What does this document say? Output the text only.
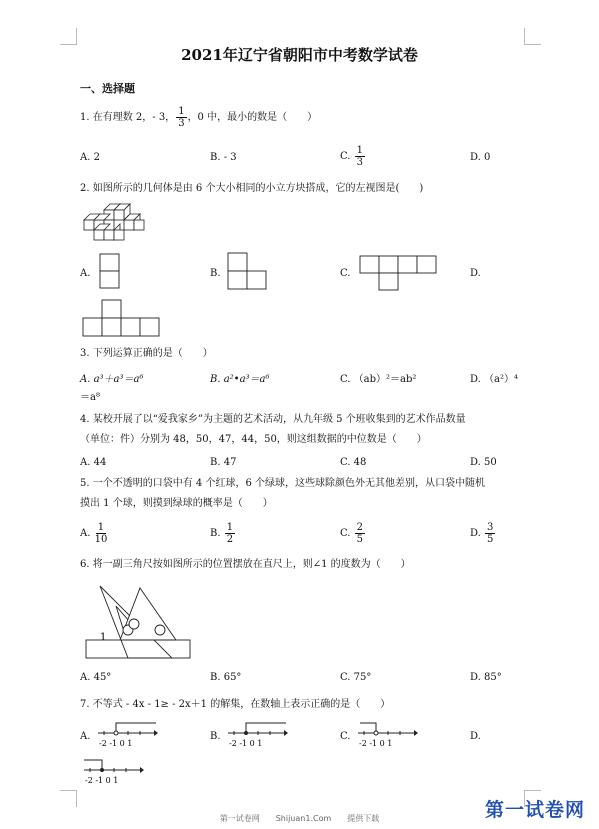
2021年辽宁省朝阳市中考数学试卷
一、选择题
1. 在有理数 2，- 3， $\frac{1}{3}$ ，0 中，最小的数是（　　）
A. 2	B. - 3	C. $\frac{1}{3}$	D. 0
2. 如图所示的几何体是由 6 个大小相同的小立方块搭成，它的左视图是(　　)
A.	B.	C.	D.
3. 下列运算正确的是（　　）
A. a³＋a³＝a⁶	B. a²•a³＝a⁶	C. （ab）²＝ab²	D. （a²）⁴
＝a⁸
4. 某校开展了以“爱我家乡”为主题的艺术活动，从九年级 5 个班收集到的艺术作品数量
（单位：件）分别为 48，50，47，44，50，则这组数据的中位数是（　　）
A. 44	B. 47	C. 48	D. 50
5. 一个不透明的口袋中有 4 个红球，6 个绿球，这些球除颜色外无其他差别，从口袋中随机
摸出 1 个球，则摸到绿球的概率是（　　）
A. $\frac{1}{10}$	B. $\frac{1}{2}$	C. $\frac{2}{5}$	D. $\frac{3}{5}$
6. 将一副三角尺按如图所示的位置摆放在直尺上，则∠1 的度数为（　　）
1
A. 45°	B. 65°	C. 75°	D. 85°
7. 不等式 - 4x - 1≥ - 2x＋1 的解集，在数轴上表示正确的是（　　）
A.
-2 -1 0 1
B.
-2 -1 0 1
C.
-2 -1 0 1
D.
-2 -1 0 1
第一试卷网　　Shijuan1.Com　　提供下载	第一试卷网
